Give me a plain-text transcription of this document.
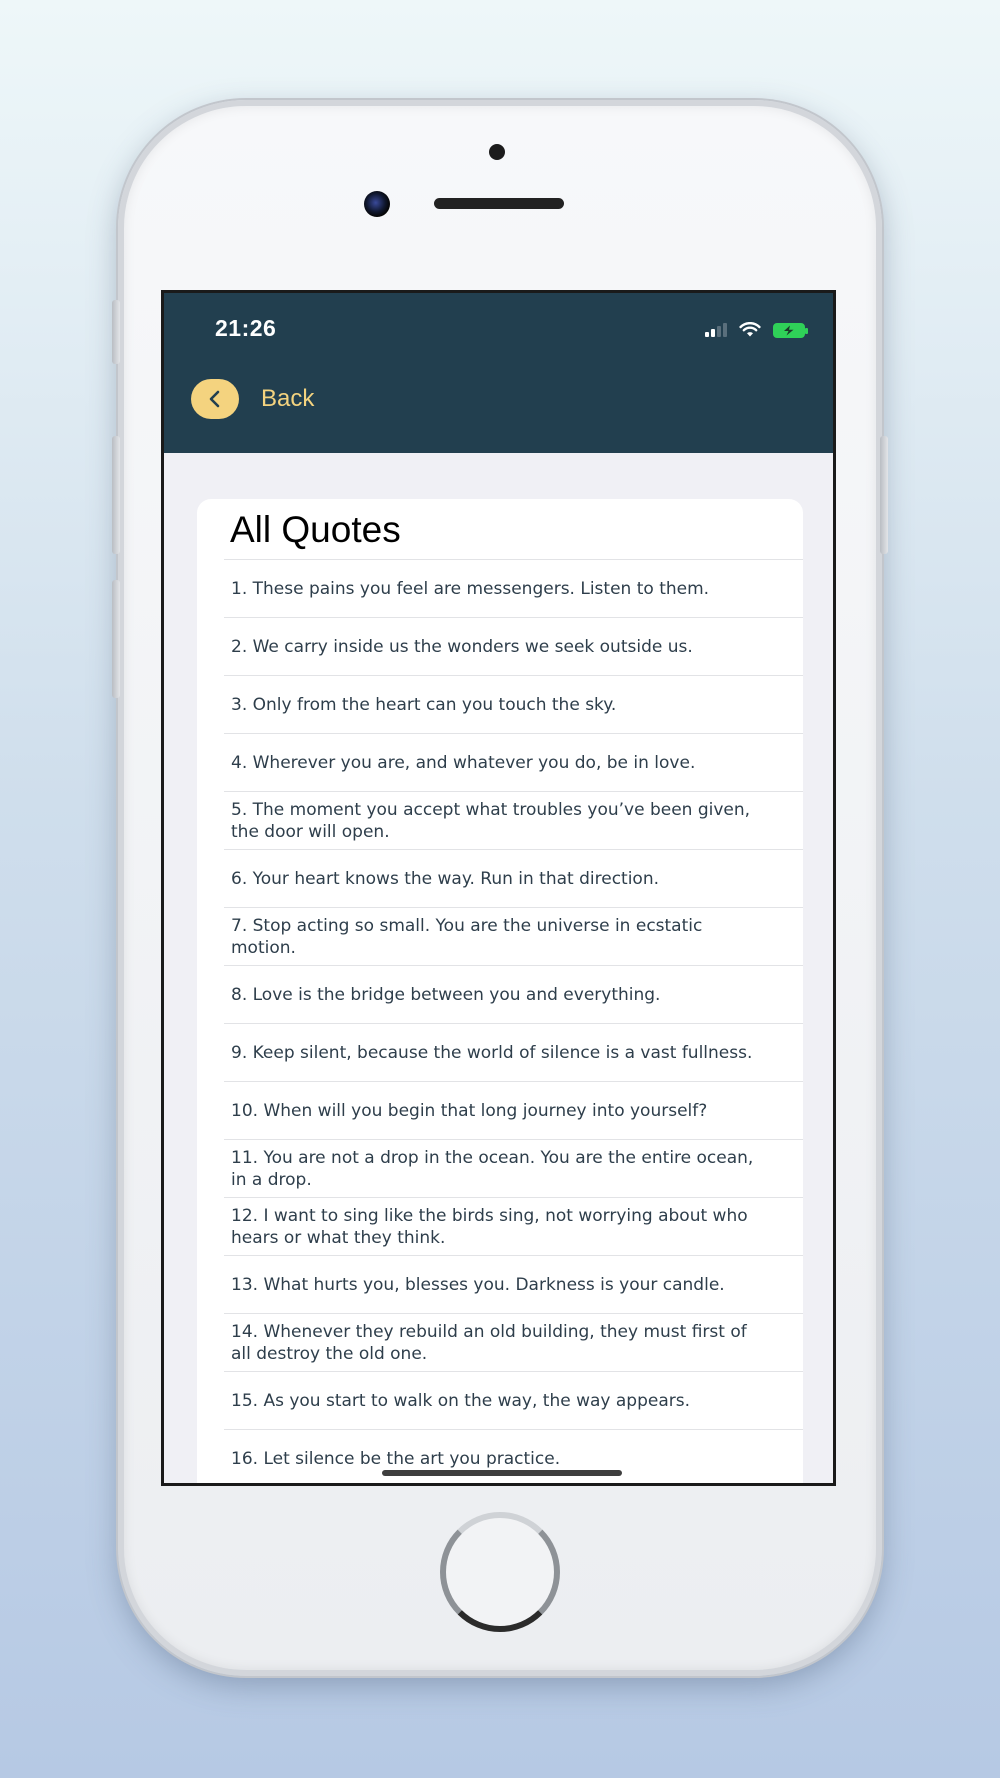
21:26
Back
All Quotes
1. These pains you feel are messengers. Listen to them.
2. We carry inside us the wonders we seek outside us.
3. Only from the heart can you touch the sky.
4. Wherever you are, and whatever you do, be in love.
5. The moment you accept what troubles you’ve been given, the door will open.
6. Your heart knows the way. Run in that direction.
7. Stop acting so small. You are the universe in ecstatic motion.
8. Love is the bridge between you and everything.
9. Keep silent, because the world of silence is a vast fullness.
10. When will you begin that long journey into yourself?
11. You are not a drop in the ocean. You are the entire ocean, in a drop.
12. I want to sing like the birds sing, not worrying about who hears or what they think.
13. What hurts you, blesses you. Darkness is your candle.
14. Whenever they rebuild an old building, they must first of all destroy the old one.
15. As you start to walk on the way, the way appears.
16. Let silence be the art you practice.
